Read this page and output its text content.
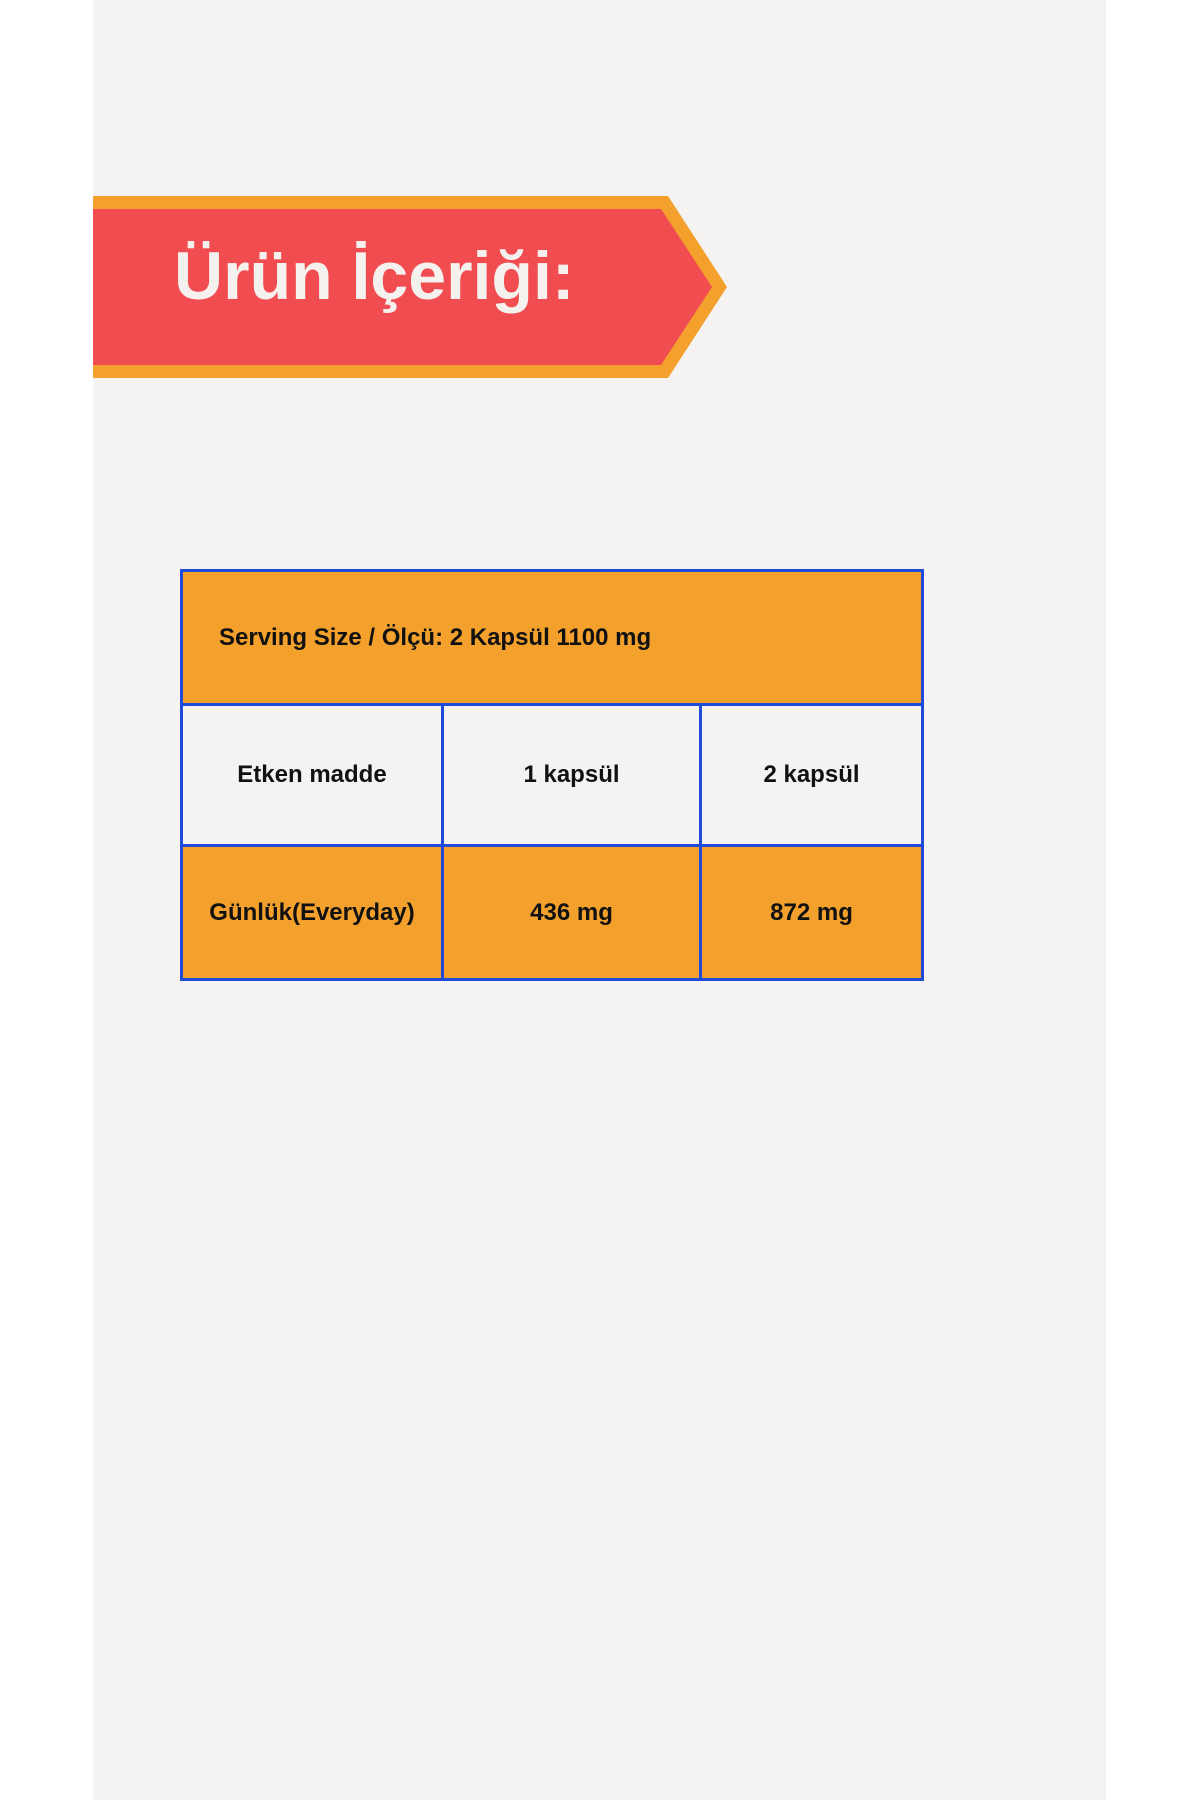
Ürün İçeriği:
Serving Size / Ölçü: 2 Kapsül 1100 mg
Etken madde	1 kapsül	2 kapsül
Günlük(Everyday)	436 mg	872 mg
